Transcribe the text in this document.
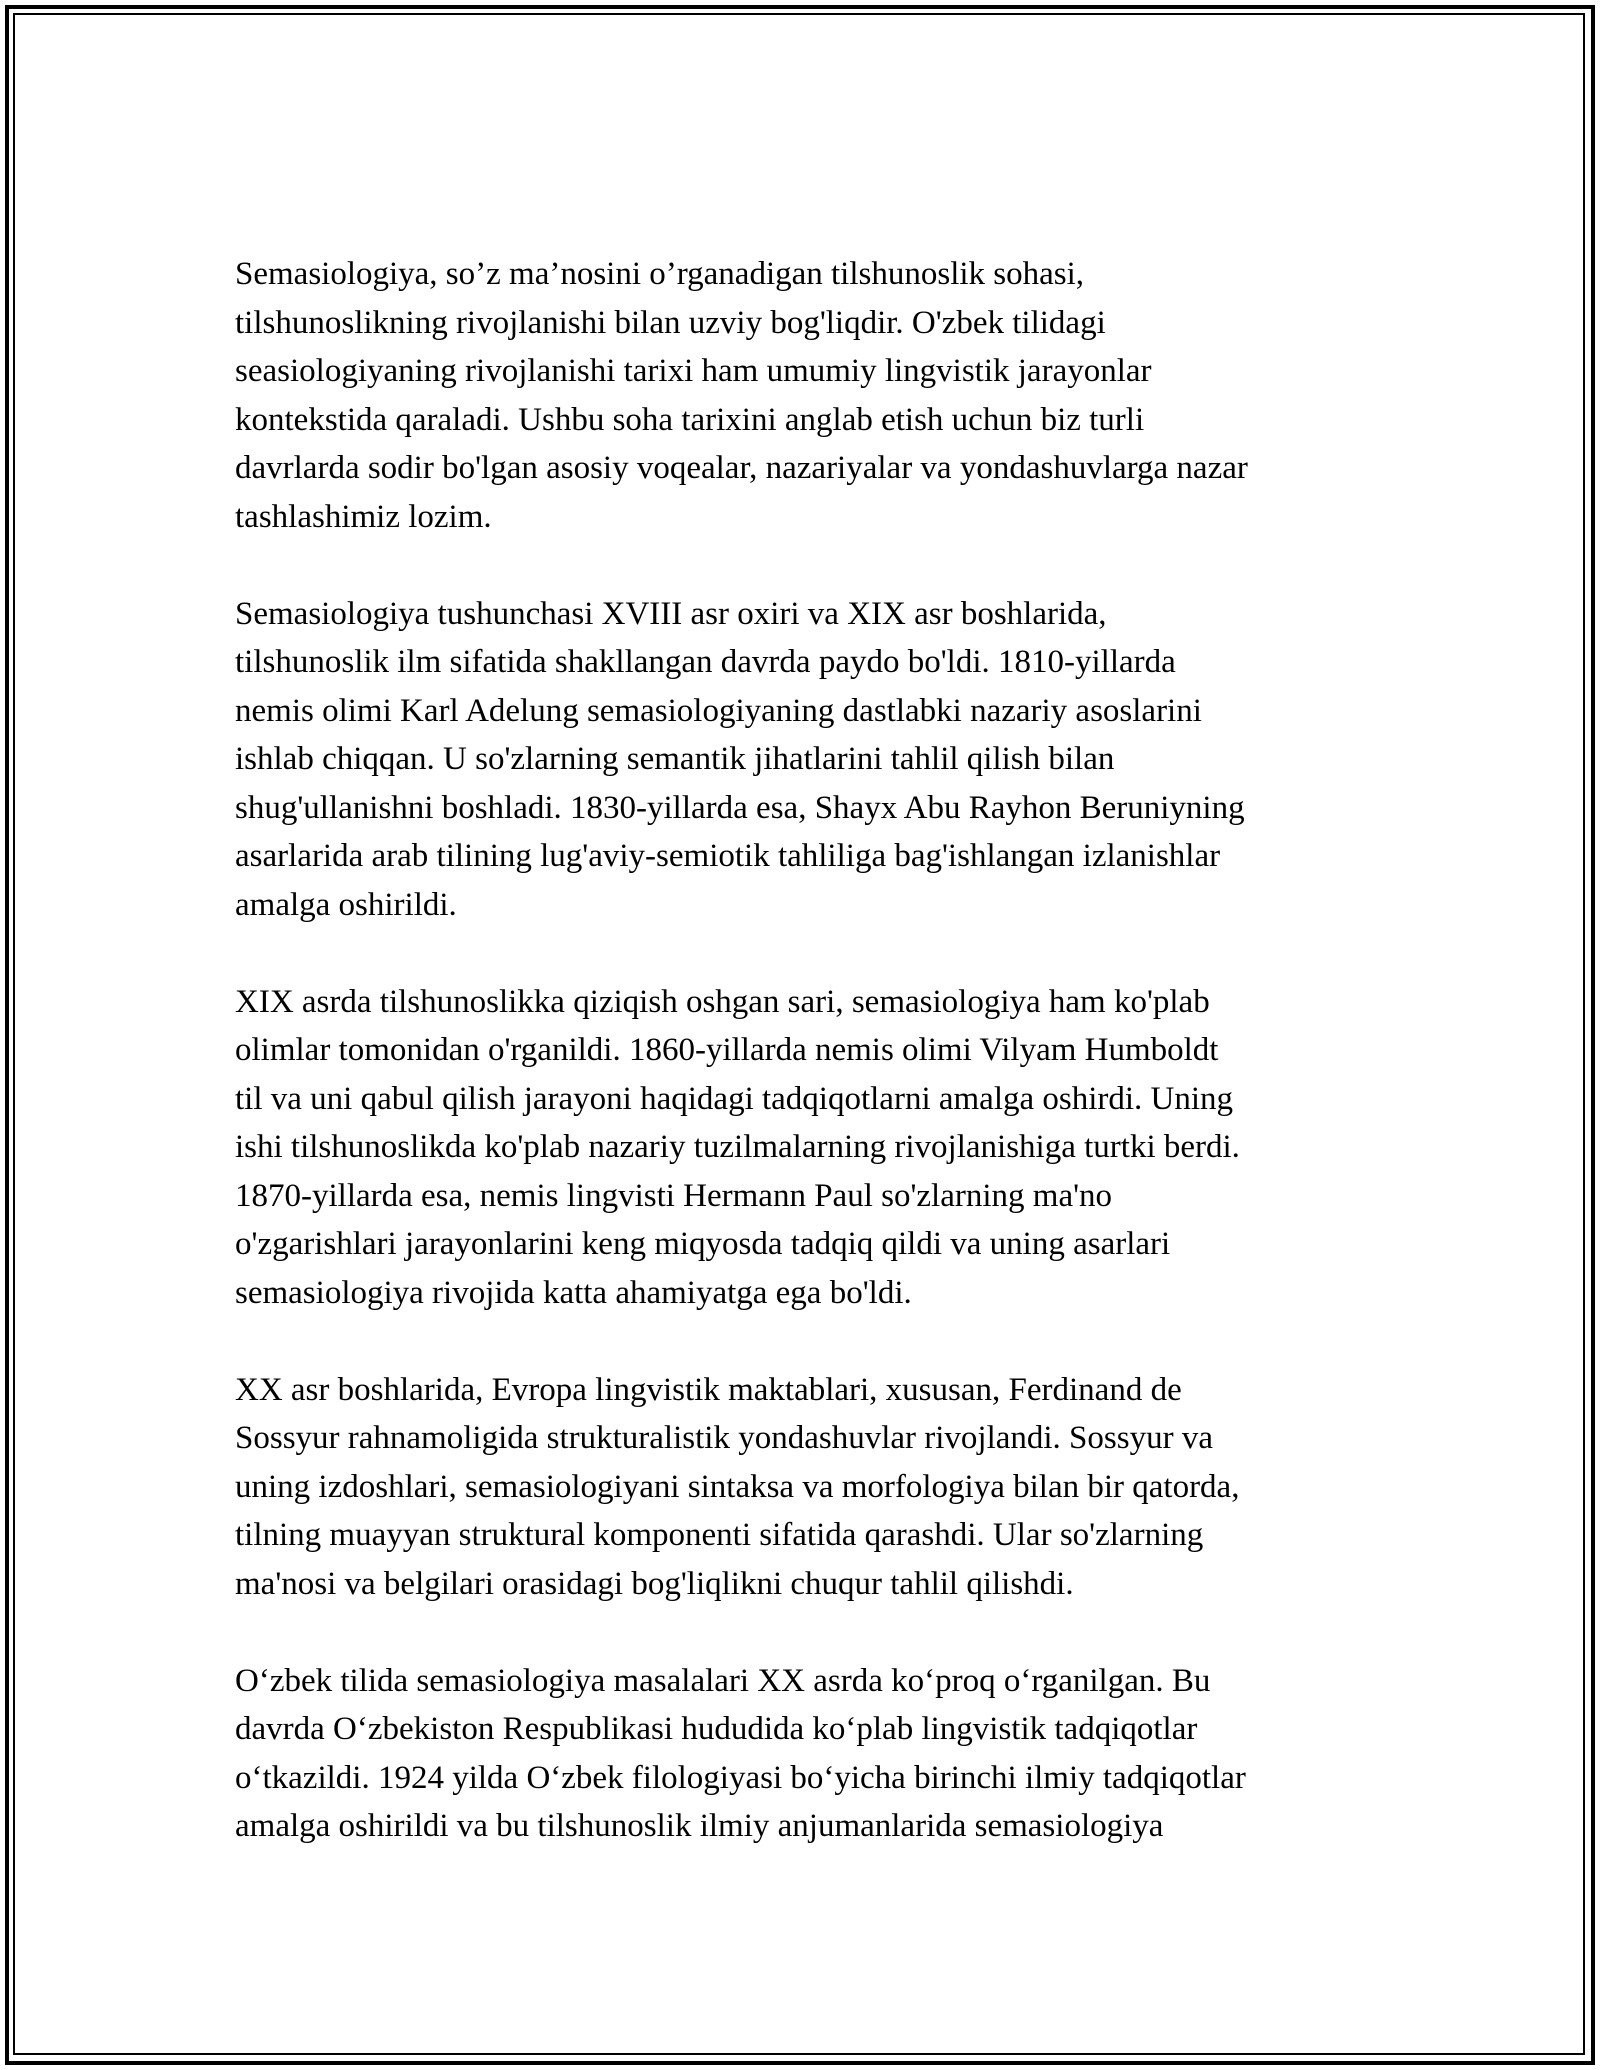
Semasiologiya, so’z ma’nosini o’rganadigan tilshunoslik sohasi,
tilshunoslikning rivojlanishi bilan uzviy bog'liqdir. O'zbek tilidagi
seasiologiyaning rivojlanishi tarixi ham umumiy lingvistik jarayonlar
kontekstida qaraladi. Ushbu soha tarixini anglab etish uchun biz turli
davrlarda sodir bo'lgan asosiy voqealar, nazariyalar va yondashuvlarga nazar
tashlashimiz lozim.

Semasiologiya tushunchasi XVIII asr oxiri va XIX asr boshlarida,
tilshunoslik ilm sifatida shakllangan davrda paydo bo'ldi. 1810-yillarda
nemis olimi Karl Adelung semasiologiyaning dastlabki nazariy asoslarini
ishlab chiqqan. U so'zlarning semantik jihatlarini tahlil qilish bilan
shug'ullanishni boshladi. 1830-yillarda esa, Shayx Abu Rayhon Beruniyning
asarlarida arab tilining lug'aviy-semiotik tahliliga bag'ishlangan izlanishlar
amalga oshirildi.

XIX asrda tilshunoslikka qiziqish oshgan sari, semasiologiya ham ko'plab
olimlar tomonidan o'rganildi. 1860-yillarda nemis olimi Vilyam Humboldt
til va uni qabul qilish jarayoni haqidagi tadqiqotlarni amalga oshirdi. Uning
ishi tilshunoslikda ko'plab nazariy tuzilmalarning rivojlanishiga turtki berdi.
1870-yillarda esa, nemis lingvisti Hermann Paul so'zlarning ma'no
o'zgarishlari jarayonlarini keng miqyosda tadqiq qildi va uning asarlari
semasiologiya rivojida katta ahamiyatga ega bo'ldi.

XX asr boshlarida, Evropa lingvistik maktablari, xususan, Ferdinand de
Sossyur rahnamoligida strukturalistik yondashuvlar rivojlandi. Sossyur va
uning izdoshlari, semasiologiyani sintaksa va morfologiya bilan bir qatorda,
tilning muayyan struktural komponenti sifatida qarashdi. Ular so'zlarning
ma'nosi va belgilari orasidagi bog'liqlikni chuqur tahlil qilishdi.

O‘zbek tilida semasiologiya masalalari XX asrda ko‘proq o‘rganilgan. Bu
davrda O‘zbekiston Respublikasi hududida ko‘plab lingvistik tadqiqotlar
o‘tkazildi. 1924 yilda O‘zbek filologiyasi bo‘yicha birinchi ilmiy tadqiqotlar
amalga oshirildi va bu tilshunoslik ilmiy anjumanlarida semasiologiya
